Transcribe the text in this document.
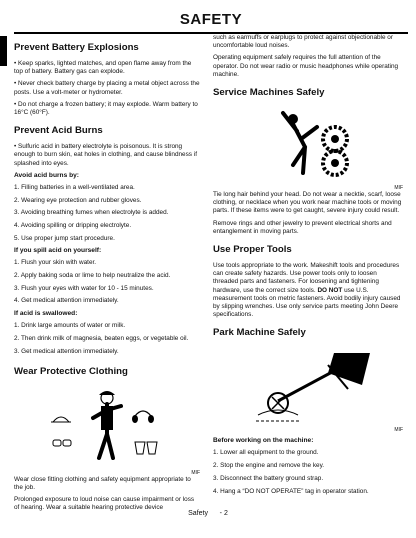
SAFETY
Prevent Battery Explosions

• Keep sparks, lighted matches, and open flame away from the top of battery. Battery gas can explode.

• Never check battery charge by placing a metal object across the posts. Use a volt-meter or hydrometer.

• Do not charge a frozen battery; it may explode. Warm battery to 16°C (60°F).

Prevent Acid Burns

• Sulfuric acid in battery electrolyte is poisonous. It is strong enough to burn skin, eat holes in clothing, and cause blindness if splashed into eyes.

Avoid acid burns by:
1. Filling batteries in a well-ventilated area.
2. Wearing eye protection and rubber gloves.
3. Avoiding breathing fumes when electrolyte is added.
4. Avoiding spilling or dripping electrolyte.
5. Use proper jump start procedure.
If you spill acid on yourself:
1. Flush your skin with water.
2. Apply baking soda or lime to help neutralize the acid.
3. Flush your eyes with water for 10 - 15 minutes.
4. Get medical attention immediately.
If acid is swallowed:
1. Drink large amounts of water or milk.
2. Then drink milk of magnesia, beaten eggs, or vegetable oil.
3. Get medical attention immediately.
Wear Protective Clothing

MIF

Wear close fitting clothing and safety equipment appropriate to the job.

Prolonged exposure to loud noise can cause impairment or loss of hearing. Wear a suitable hearing protective device

such as earmuffs or earplugs to protect against objectionable or uncomfortable loud noises.

Operating equipment safely requires the full attention of the operator. Do not wear radio or music headphones while operating machine.

Service Machines Safely

MIF

Tie long hair behind your head. Do not wear a necktie, scarf, loose clothing, or necklace when you work near machine tools or moving parts. If these items were to get caught, severe injury could result.

Remove rings and other jewelry to prevent electrical shorts and entanglement in moving parts.

Use Proper Tools

Use tools appropriate to the work. Makeshift tools and procedures can create safety hazards. Use power tools only to loosen threaded parts and fasteners. For loosening and tightening hardware, use the correct size tools. DO NOT use U.S. measurement tools on metric fasteners. Avoid bodily injury caused by slipping wrenches. Use only service parts meeting John Deere specifications.

Park Machine Safely

MIF

Before working on the machine:
1. Lower all equipment to the ground.
2. Stop the engine and remove the key.
3. Disconnect the battery ground strap.
4. Hang a “DO NOT OPERATE” tag in operator station.
Safety - 2
